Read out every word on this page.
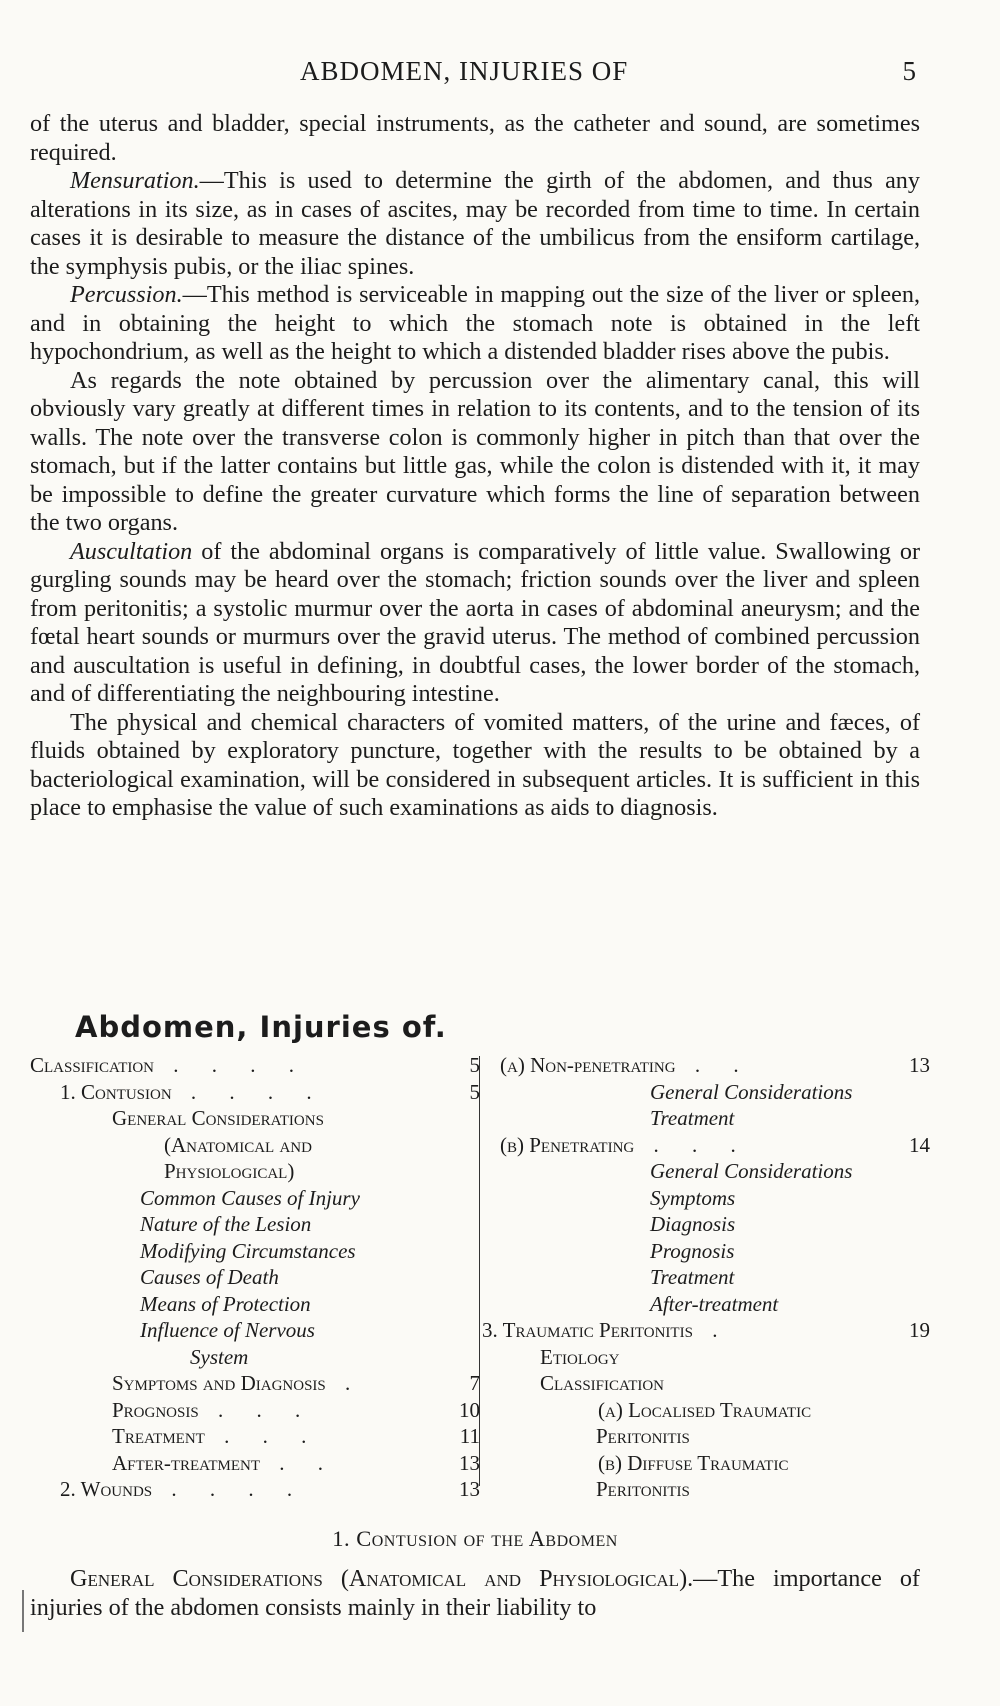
ABDOMEN, INJURIES OF	5

of the uterus and bladder, special instruments, as the catheter and sound, are sometimes required.

Mensuration.—This is used to determine the girth of the abdomen, and thus any alterations in its size, as in cases of ascites, may be recorded from time to time. In certain cases it is desirable to measure the distance of the umbilicus from the ensiform cartilage, the symphysis pubis, or the iliac spines.

Percussion.—This method is serviceable in mapping out the size of the liver or spleen, and in obtaining the height to which the stomach note is obtained in the left hypochondrium, as well as the height to which a distended bladder rises above the pubis.

As regards the note obtained by percussion over the alimentary canal, this will obviously vary greatly at different times in relation to its contents, and to the tension of its walls. The note over the transverse colon is commonly higher in pitch than that over the stomach, but if the latter contains but little gas, while the colon is distended with it, it may be impossible to define the greater curvature which forms the line of separation between the two organs.

Auscultation of the abdominal organs is comparatively of little value. Swallowing or gurgling sounds may be heard over the stomach; friction sounds over the liver and spleen from peritonitis; a systolic murmur over the aorta in cases of abdominal aneurysm; and the fœtal heart sounds or murmurs over the gravid uterus. The method of combined percussion and auscultation is useful in defining, in doubtful cases, the lower border of the stomach, and of differentiating the neighbouring intestine.

The physical and chemical characters of vomited matters, of the urine and fæces, of fluids obtained by exploratory puncture, together with the results to be obtained by a bacteriological examination, will be considered in subsequent articles. It is sufficient in this place to emphasise the value of such examinations as aids to diagnosis.

Abdomen, Injuries of.
Classification . . . .	5
1. Contusion . . . .	5
General Considerations
(Anatomical and
Physiological)
Common Causes of Injury
Nature of the Lesion
Modifying Circumstances
Causes of Death
Means of Protection
Influence of Nervous
System
Symptoms and Diagnosis .	7
Prognosis . . .	10
Treatment . . .	11
After-treatment . .	13
2. Wounds . . . .	13
(a) Non-penetrating . .	13
General Considerations
Treatment
(b) Penetrating . . .	14
General Considerations
Symptoms
Diagnosis
Prognosis
Treatment
After-treatment
3. Traumatic Peritonitis .	19
Etiology
Classification
(a) Localised Traumatic
Peritonitis
(b) Diffuse Traumatic
Peritonitis
1. Contusion of the Abdomen

General Considerations (Anatomical and Physiological).—The importance of injuries of the abdomen consists mainly in their liability to
